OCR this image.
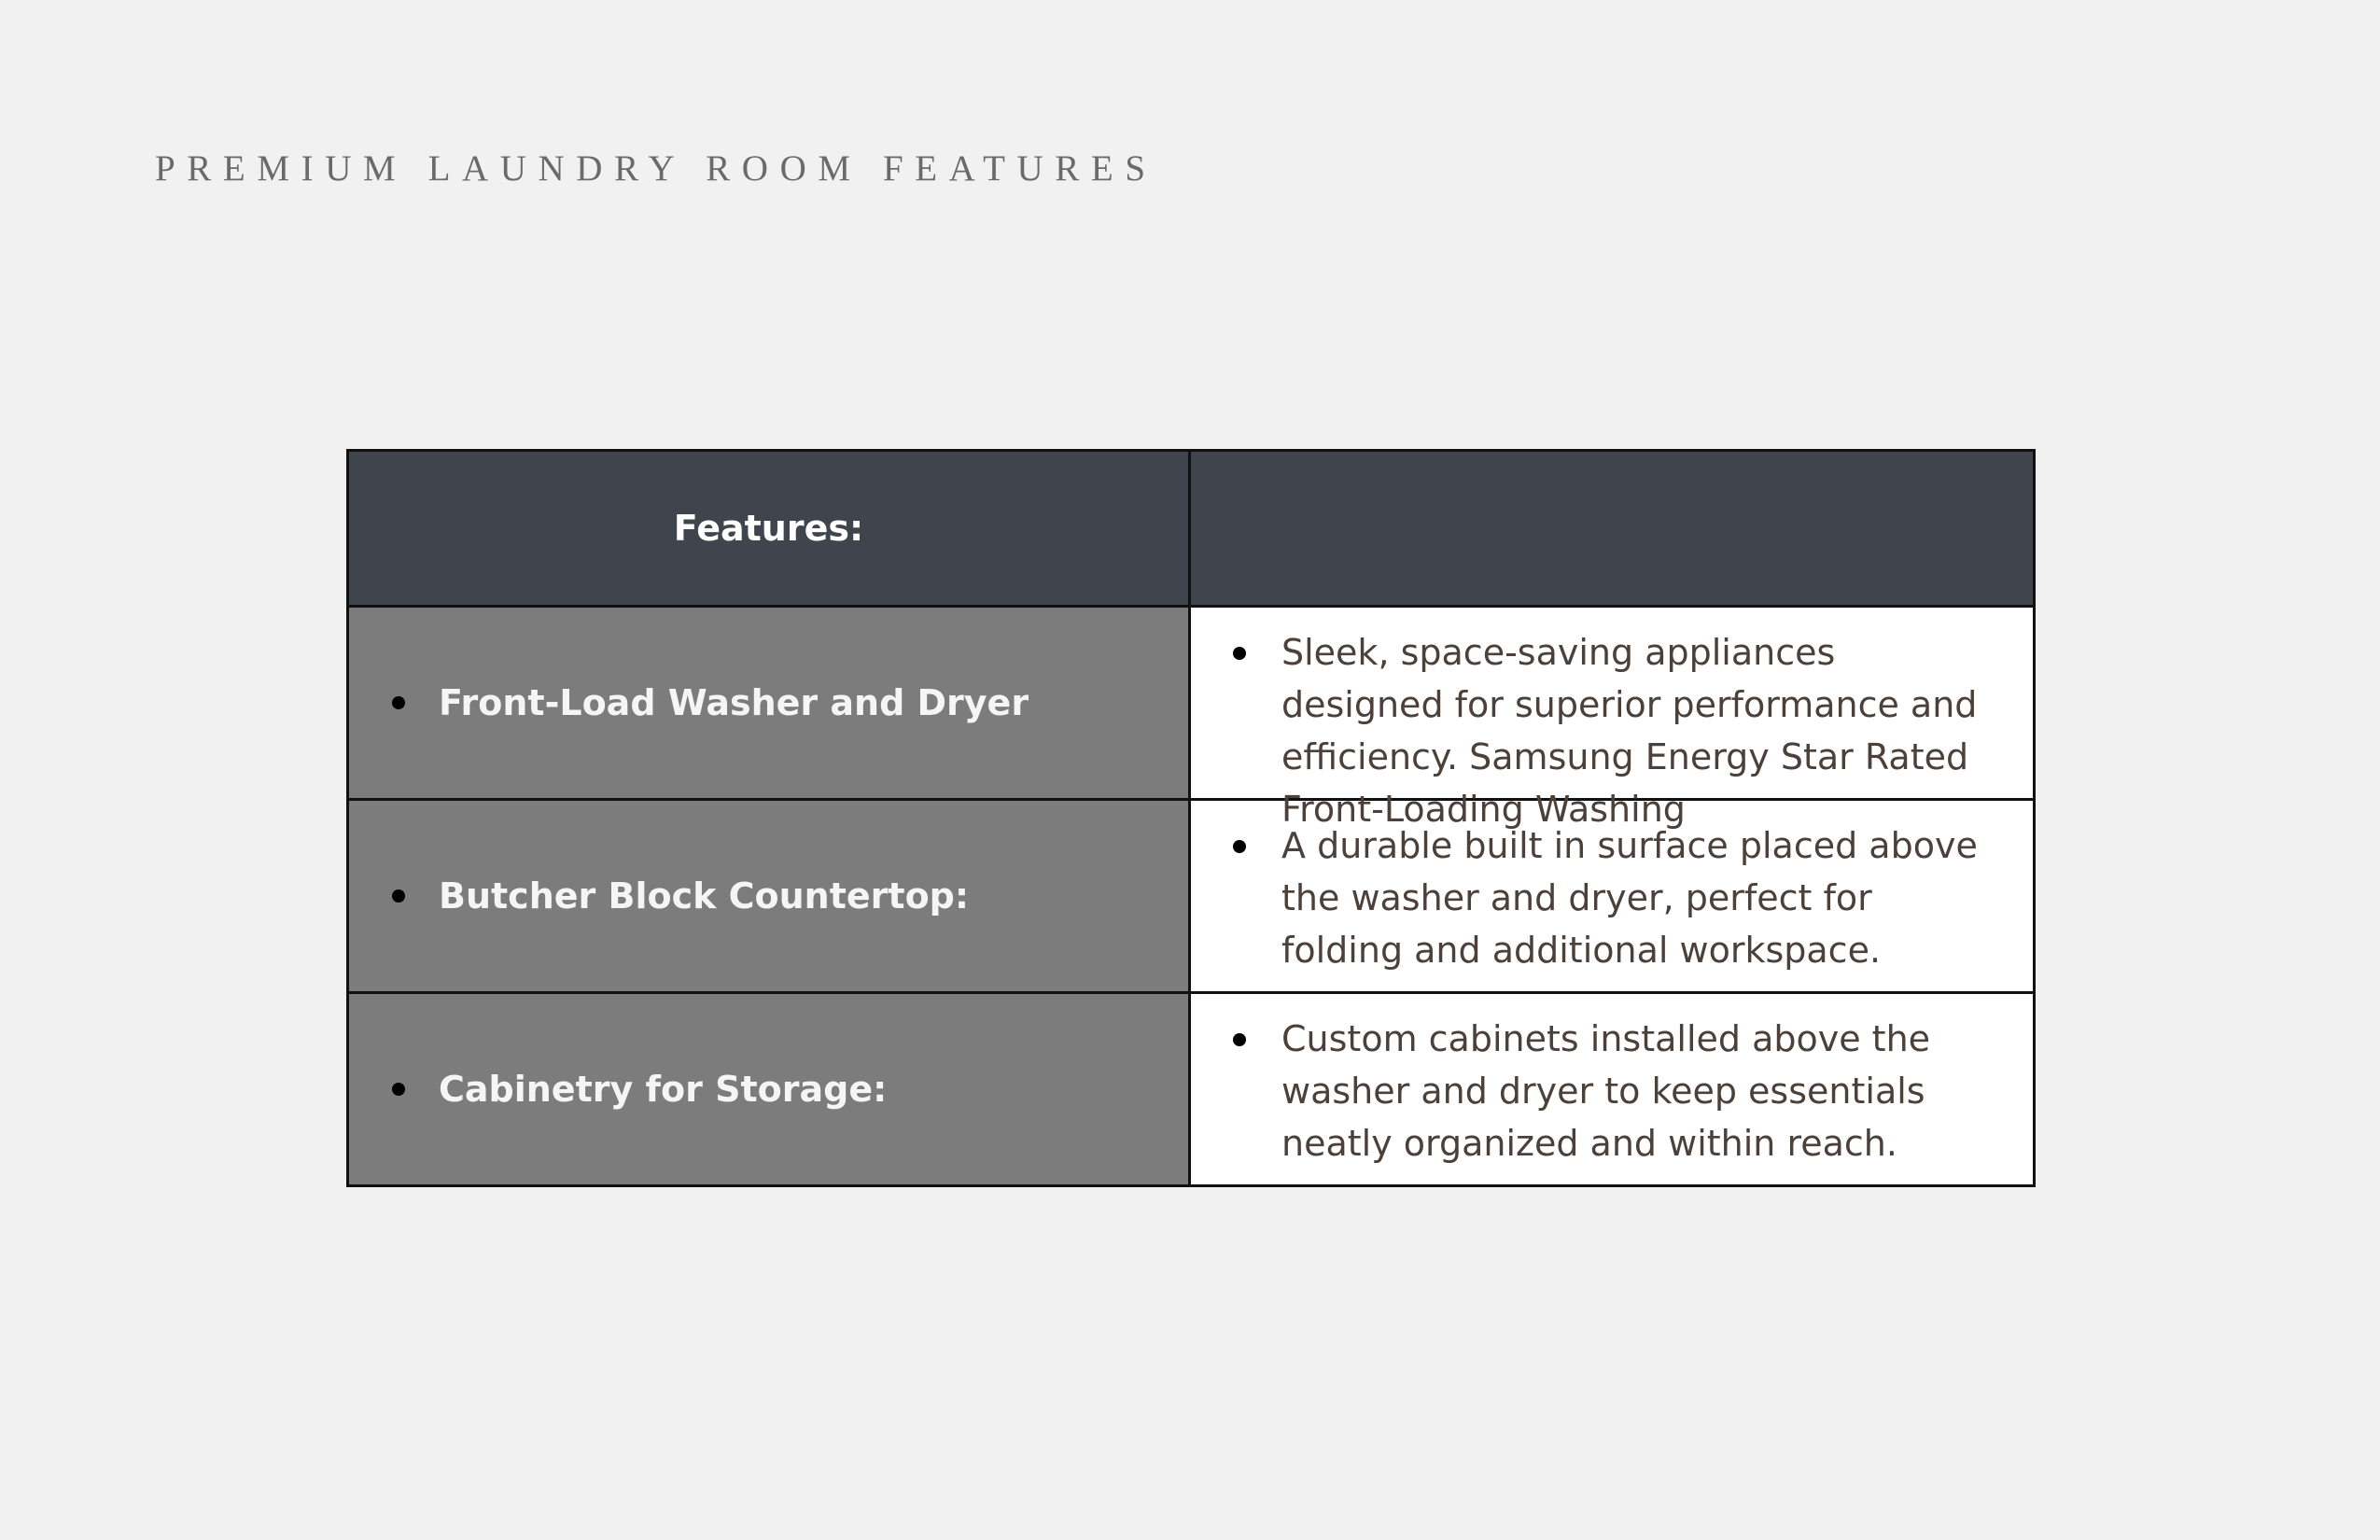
PREMIUM LAUNDRY ROOM FEATURES
Features:	

Front-Load Washer and Dryer	Sleek, space-saving appliances designed for superior performance and efficiency. Samsung Energy Star Rated Front-Loading Washing

Butcher Block Countertop:	A durable built in surface placed above the washer and dryer, perfect for folding and additional workspace.

Cabinetry for Storage:	Custom cabinets installed above the washer and dryer to keep essentials neatly organized and within reach.
